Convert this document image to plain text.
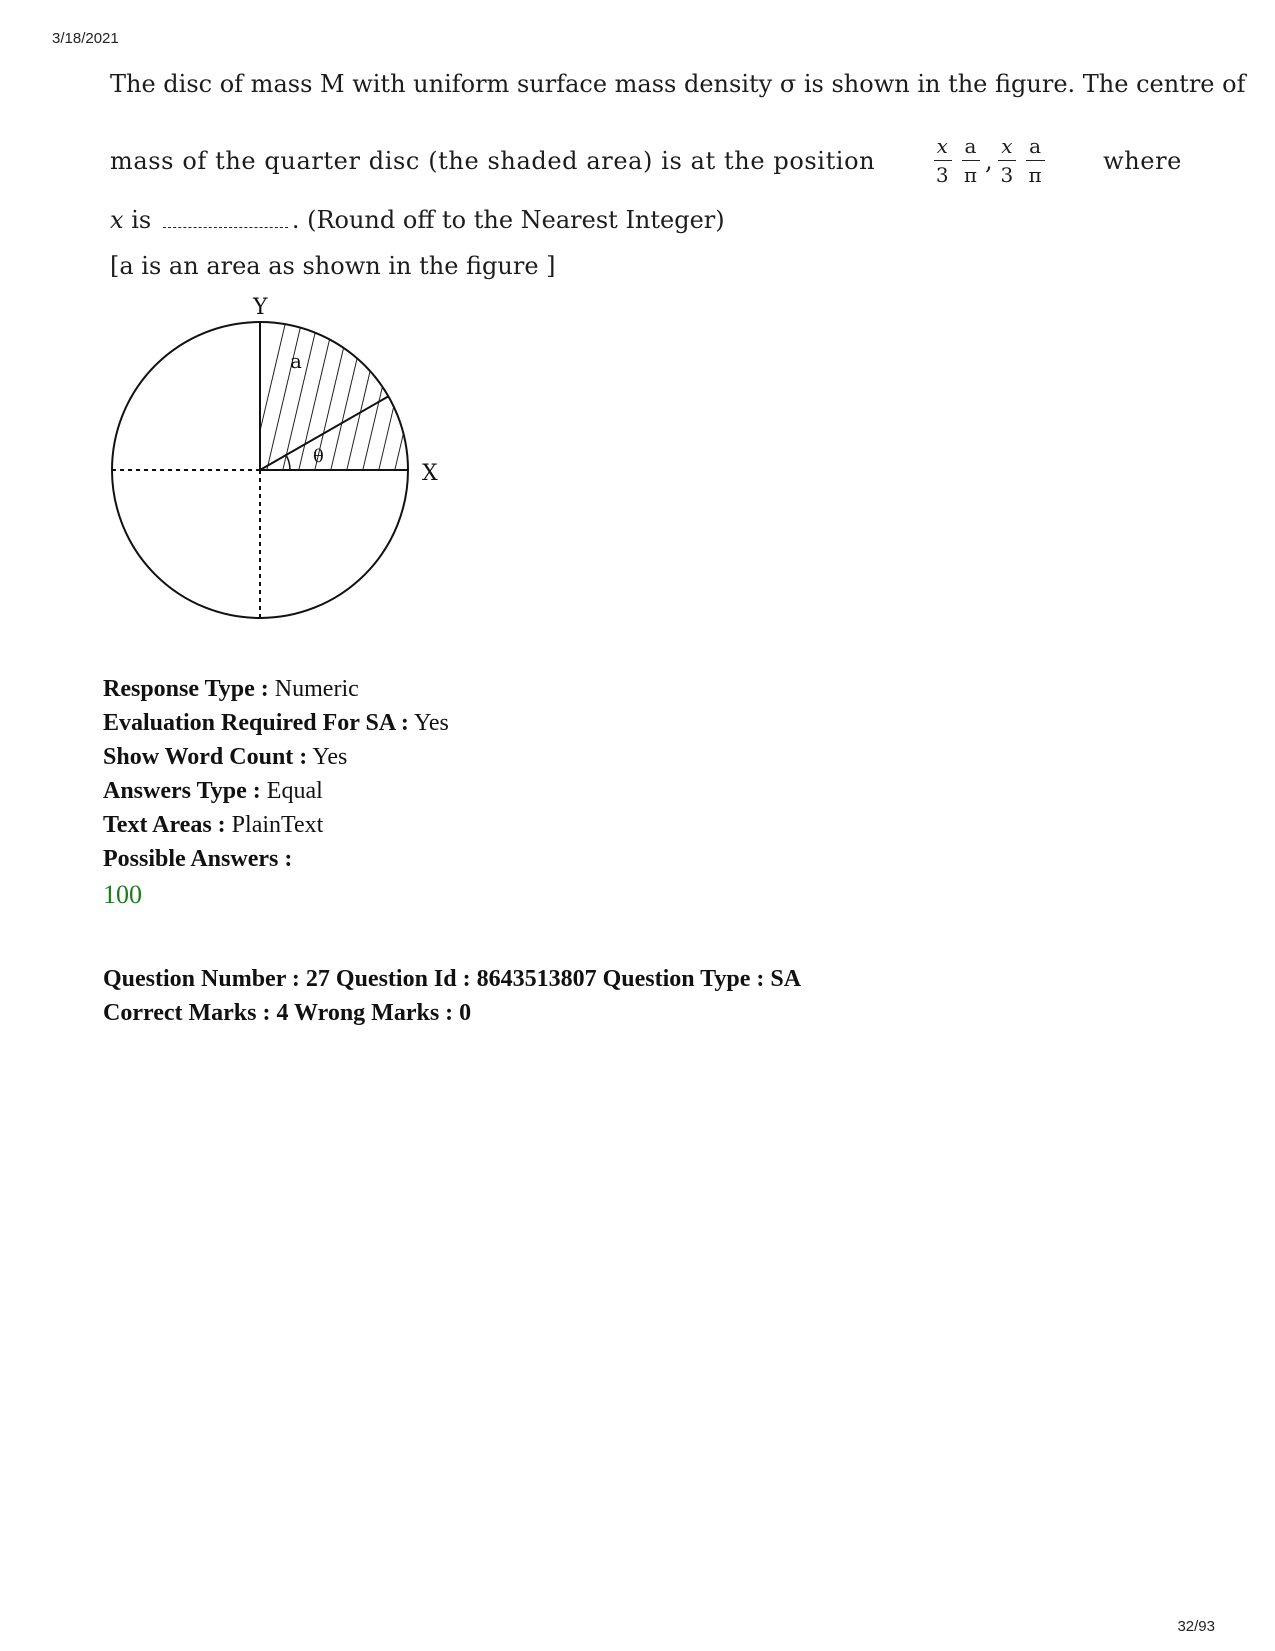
3/18/2021
The disc of mass M with uniform surface mass density σ is shown in the figure. The centre of
mass of the quarter disc (the shaded area) is at the position	$\frac{x}{3} \frac{a}{\pi}$ , $\frac{x}{3} \frac{a}{\pi}$ where
x is	. (Round off to the Nearest Integer)
[a is an area as shown in the figure ]
Y
X
a
θ
Response Type : Numeric
Evaluation Required For SA : Yes
Show Word Count : Yes
Answers Type : Equal
Text Areas : PlainText
Possible Answers :
100
Question Number : 27 Question Id : 8643513807 Question Type : SA
Correct Marks : 4 Wrong Marks : 0
32/93
